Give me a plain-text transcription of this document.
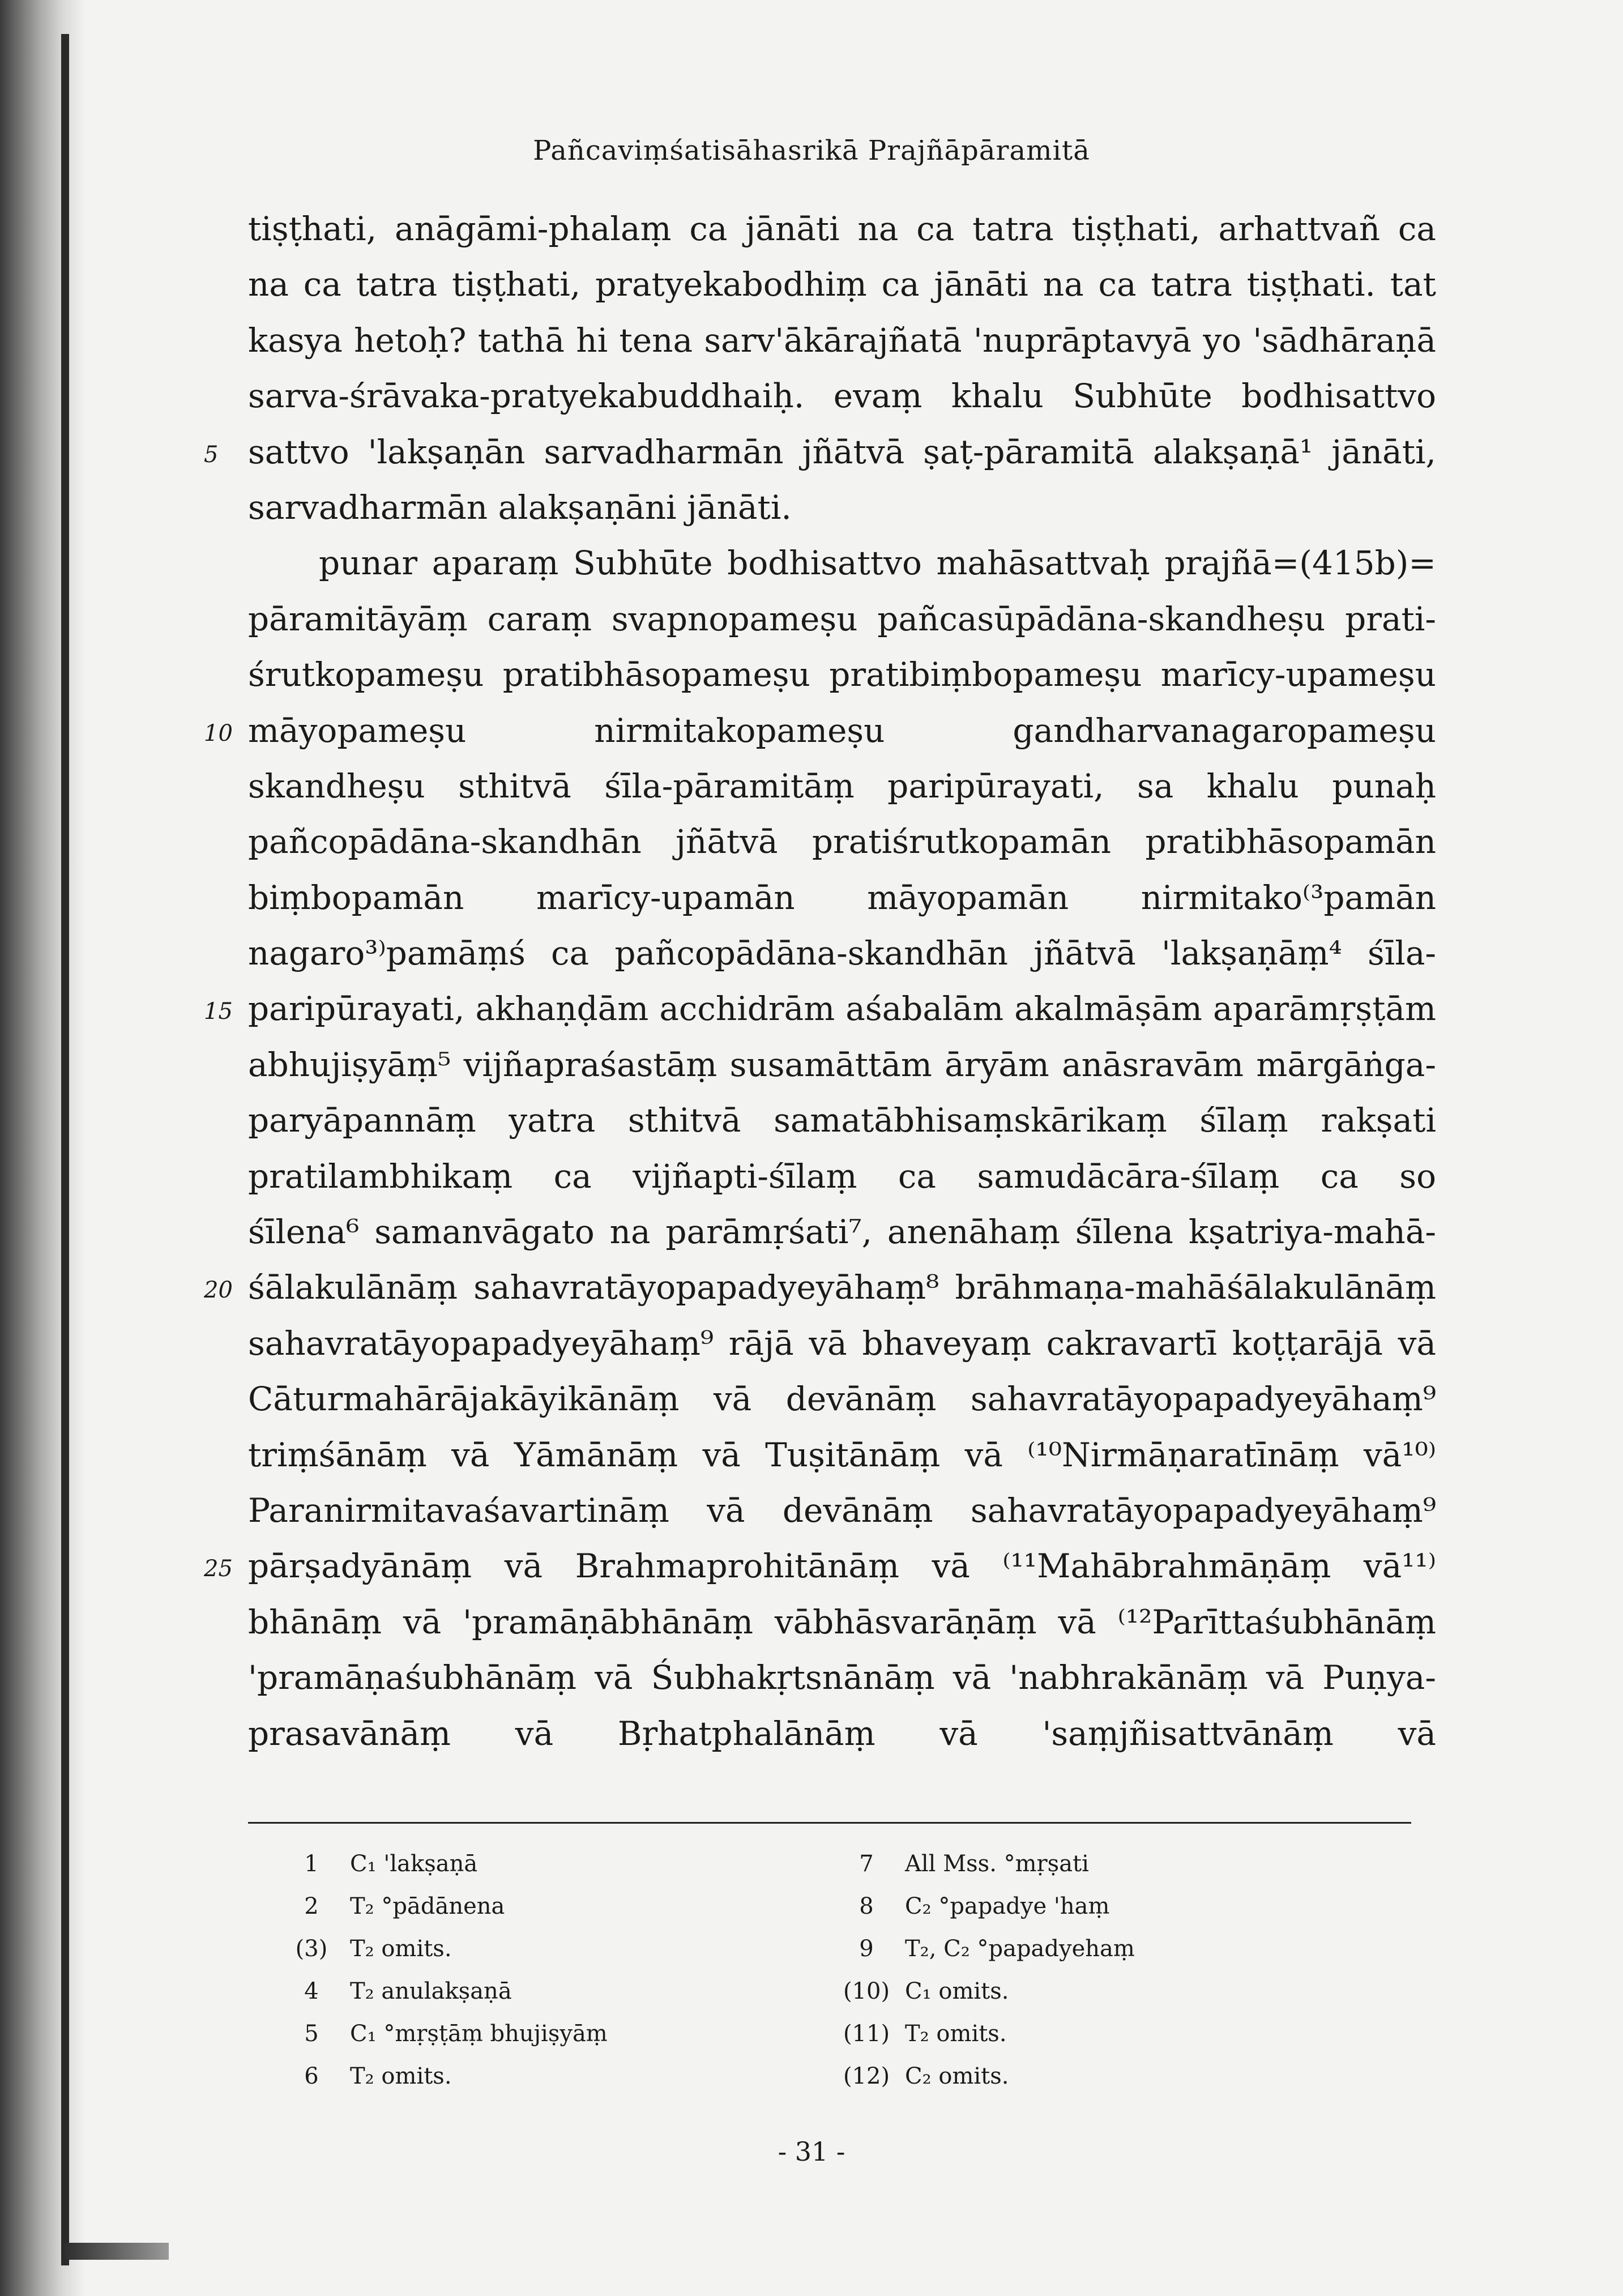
Pañcaviṃśatisāhasrikā Prajñāpāramitā
tiṣṭhati, anāgāmi-phalaṃ ca jānāti na ca tatra tiṣṭhati, arhattvañ ca
na ca tatra tiṣṭhati, pratyekabodhiṃ ca jānāti na ca tatra tiṣṭhati. tat
kasya hetoḥ? tathā hi tena sarv'ākārajñatā 'nuprāptavyā yo 'sādhāraṇā
sarva-śrāvaka-pratyekabuddhaiḥ. evaṃ khalu Subhūte bodhisattvo
5 sattvo 'lakṣaṇān sarvadharmān jñātvā ṣaṭ-pāramitā alakṣaṇā¹ jānāti,
sarvadharmān alakṣaṇāni jānāti.
punar aparaṃ Subhūte bodhisattvo mahāsattvaḥ prajñā=(415b)=
pāramitāyāṃ caraṃ svapnopameṣu pañcasūpādāna-skandheṣu prati-
śrutkopameṣu pratibhāsopameṣu pratibiṃbopameṣu marīcy-upameṣu
10 māyopameṣu nirmitakopameṣu gandharvanagaropameṣu
skandheṣu sthitvā śīla-pāramitāṃ paripūrayati, sa khalu punaḥ
pañcopādāna-skandhān jñātvā pratiśrutkopamān pratibhāsopamān
biṃbopamān marīcy-upamān māyopamān nirmitako⁽³pamān
nagaro³⁾pamāṃś ca pañcopādāna-skandhān jñātvā 'lakṣaṇāṃ⁴ śīla-
15 paripūrayati, akhaṇḍām acchidrām aśabalām akalmāṣām aparāmṛṣṭām
abhujiṣyāṃ⁵ vijñapraśastāṃ susamāttām āryām anāsravām mārgāṅga-
paryāpannāṃ yatra sthitvā samatābhisaṃskārikaṃ śīlaṃ rakṣati
pratilambhikaṃ ca vijñapti-śīlaṃ ca samudācāra-śīlaṃ ca so
śīlena⁶ samanvāgato na parāmṛśati⁷, anenāhaṃ śīlena kṣatriya-mahā-
20 śālakulānāṃ sahavratāyopapadyeyāhaṃ⁸ brāhmaṇa-mahāśālakulānāṃ
sahavratāyopapadyeyāhaṃ⁹ rājā vā bhaveyaṃ cakravartī koṭṭarājā vā
Cāturmahārājakāyikānāṃ vā devānāṃ sahavratāyopapadyeyāhaṃ⁹
triṃśānāṃ vā Yāmānāṃ vā Tuṣitānāṃ vā ⁽¹⁰Nirmāṇaratīnāṃ vā¹⁰⁾
Paranirmitavaśavartināṃ vā devānāṃ sahavratāyopapadyeyāhaṃ⁹
25 pārṣadyānāṃ vā Brahmaprohitānāṃ vā ⁽¹¹Mahābrahmāṇāṃ vā¹¹⁾
bhānāṃ vā 'pramāṇābhānāṃ vābhāsvarāṇāṃ vā ⁽¹²Parīttaśubhānāṃ
'pramāṇaśubhānāṃ vā Śubhakṛtsnānāṃ vā 'nabhrakānāṃ vā Puṇya-
prasavānāṃ vā Bṛhatphalānāṃ vā 'saṃjñisattvānāṃ vā
1 C₁ 'lakṣaṇā
2 T₂ °pādānena
(3) T₂ omits.
4 T₂ anulakṣaṇā
5 C₁ °mṛṣṭāṃ bhujiṣyāṃ
6 T₂ omits.
7 All Mss. °mṛṣati
8 C₂ °papadye 'haṃ
9 T₂, C₂ °papadyehaṃ
(10) C₁ omits.
(11) T₂ omits.
(12) C₂ omits.
- 31 -
